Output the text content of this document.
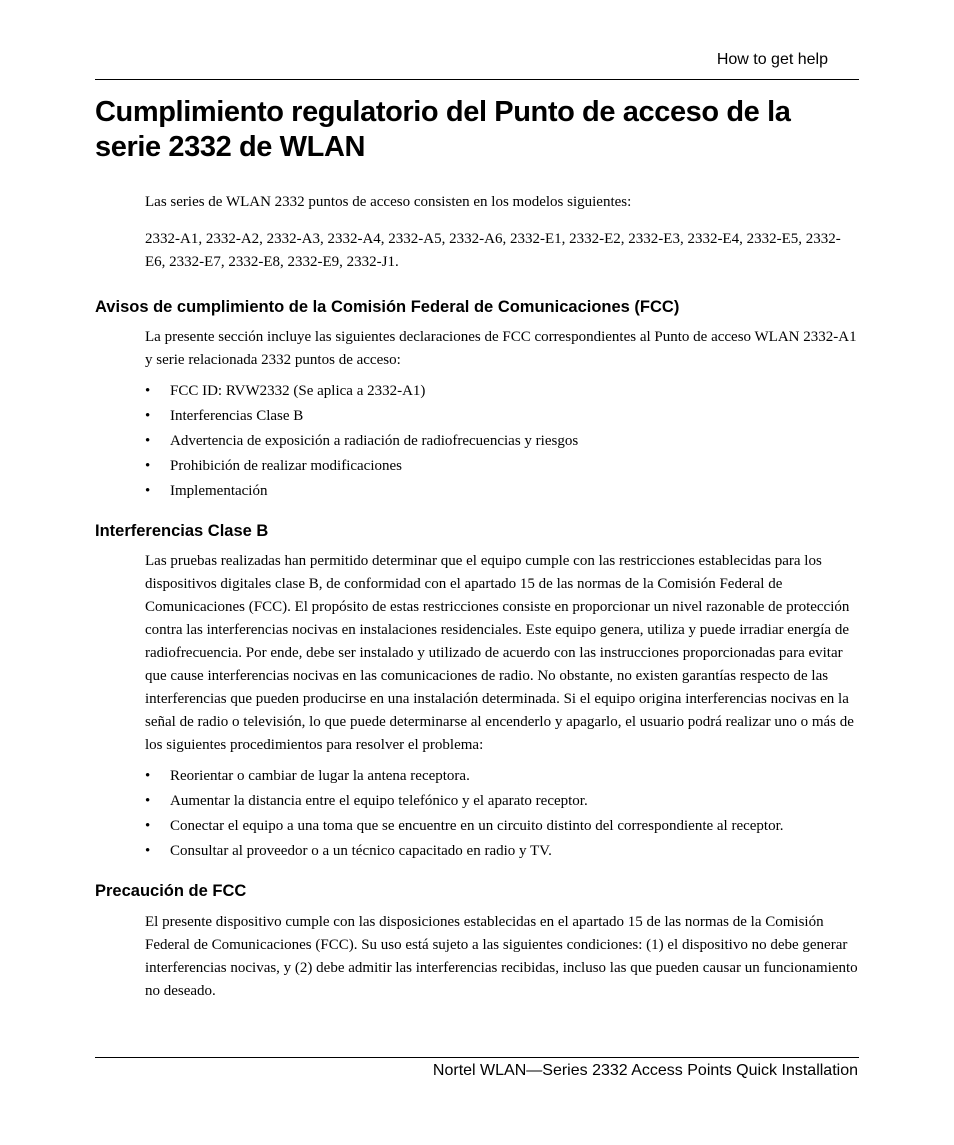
How to get help

Cumplimiento regulatorio del Punto de acceso de la serie 2332 de WLAN

Las series de WLAN 2332 puntos de acceso consisten en los modelos siguientes:

2332-A1, 2332-A2, 2332-A3, 2332-A4, 2332-A5, 2332-A6, 2332-E1, 2332-E2, 2332-E3, 2332-E4, 2332-E5, 2332-E6, 2332-E7, 2332-E8, 2332-E9, 2332-J1.

Avisos de cumplimiento de la Comisión Federal de Comunicaciones (FCC)

La presente sección incluye las siguientes declaraciones de FCC correspondientes al Punto de acceso WLAN 2332-A1 y serie relacionada 2332 puntos de acceso:

• FCC ID: RVW2332 (Se aplica a 2332-A1)
• Interferencias Clase B
• Advertencia de exposición a radiación de radiofrecuencias y riesgos
• Prohibición de realizar modificaciones
• Implementación
Interferencias Clase B

Las pruebas realizadas han permitido determinar que el equipo cumple con las restricciones establecidas para los dispositivos digitales clase B, de conformidad con el apartado 15 de las normas de la Comisión Federal de Comunicaciones (FCC). El propósito de estas restricciones consiste en proporcionar un nivel razonable de protección contra las interferencias nocivas en instalaciones residenciales. Este equipo genera, utiliza y puede irradiar energía de radiofrecuencia. Por ende, debe ser instalado y utilizado de acuerdo con las instrucciones proporcionadas para evitar que cause interferencias nocivas en las comunicaciones de radio. No obstante, no existen garantías respecto de las interferencias que pueden producirse en una instalación determinada. Si el equipo origina interferencias nocivas en la señal de radio o televisión, lo que puede determinarse al encenderlo y apagarlo, el usuario podrá realizar uno o más de los siguientes procedimientos para resolver el problema:

• Reorientar o cambiar de lugar la antena receptora.
• Aumentar la distancia entre el equipo telefónico y el aparato receptor.
• Conectar el equipo a una toma que se encuentre en un circuito distinto del correspondiente al receptor.
• Consultar al proveedor o a un técnico capacitado en radio y TV.
Precaución de FCC

El presente dispositivo cumple con las disposiciones establecidas en el apartado 15 de las normas de la Comisión Federal de Comunicaciones (FCC). Su uso está sujeto a las siguientes condiciones: (1) el dispositivo no debe generar interferencias nocivas, y (2) debe admitir las interferencias recibidas, incluso las que pueden causar un funcionamiento no deseado.

Nortel WLAN—Series 2332 Access Points Quick Installation
